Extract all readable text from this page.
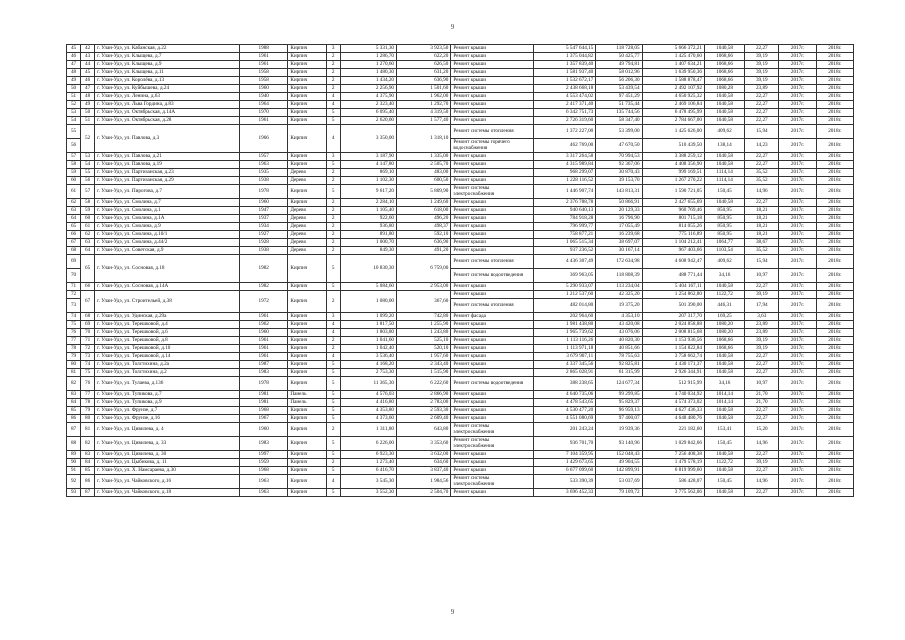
9
45	42	г. Улан-Удэ, ул. Кабанская, д.22	1988	Кирпич	3	5 331,30	3 923,50	Ремонт крыши	5 547 644,15	118 728,05	5 666 372,21	1040,58	22,27	2017г.	2018г.
46	43	г. Улан-Удэ, ул. Клыщева, д.7	1961	Кирпич	2	1 286,70	622,20	Ремонт крыши	1 375 044,82	50 425,77	1 425 470,60	1068,66	39,19	2017г.	2018г.
47	44	г. Улан-Удэ, ул. Клыщева, д.9	1961	Кирпич	2	1 270,60	626,50	Ремонт крыши	1 357 839,40	49 794,81	1 407 634,21	1068,66	39,19	2017г.	2018г.
48	45	г. Улан-Удэ, ул. Клыщева, д.11	1958	Кирпич	2	1 480,30	631,20	Ремонт крыши	1 581 937,40	58 012,96	1 639 950,36	1068,66	39,19	2017г.	2018г.
49	46	г. Улан-Удэ, ул. Королёва, д.13	1958	Кирпич	2	1 434,20	636,90	Ремонт крыши	1 532 672,17	56 206,30	1 588 878,47	1068,66	39,19	2017г.	2018г.
50	47	г. Улан-Удэ, ул. Куйбышева, д.24	1960	Кирпич	2	2 256,90	1 501,60	Ремонт крыши	2 438 668,18	53 439,54	2 492 107,92	1080,28	23,89	2017г.	2018г.
51	48	г. Улан-Удэ, ул. Ленина, д.63	1940	Кирпич	4	4 375,90	1 962,00	Ремонт крыши	4 553 474,02	97 451,29	4 650 925,32	1040,58	22,27	2017г.	2018г.
52	49	г. Улан-Удэ, ул. Льва Гордина, д.83	1964	Кирпич	4	2 323,40	1 292,70	Ремонт крыши	2 417 371,40	51 735,44	2 469 106,84	1040,58	22,27	2017г.	2018г.
53	50	г. Улан-Удэ, ул. Октябрьская, д.14А	1970	Кирпич	5	6 095,40	4 319,50	Ремонт крыши	6 342 751,73	135 744,56	6 478 495,99	1040,58	22,27	2017г.	2018г.
54	51	г. Улан-Удэ, ул. Октябрьская, д.28	1961	Кирпич	5	2 620,00	1 577,40	Ремонт крыши	2 726 319,60	58 347,40	2 784 667,00	1040,58	22,27	2017г.	2018г.
55	52	г. Улан-Удэ, ул. Павлова, д.3	1966	Кирпич	4	3 350,00	1 318,10	Ремонт системы отопления	1 372 227,00	53 399,00	1 425 626,00	409,62	15,94	2017г.	2018г.
56								Ремонт системы горячего водоснабжения	462 769,00	47 670,50	510 439,50	138,14	14,23	2017г.	2018г.
57	53	г. Улан-Удэ, ул. Павлова, д.21	1957	Кирпич	3	3 187,90	1 335,00	Ремонт крыши	3 317 264,58	70 994,53	3 388 259,12	1040,58	22,27	2017г.	2018г.
58	54	г. Улан-Удэ, ул. Павлова, д.19	1963	Кирпич	5	4 147,80	2 505,70	Ремонт крыши	4 315 989,84	92 367,06	4 408 356,90	1040,58	22,27	2017г.	2018г.
59	55	г. Улан-Удэ, ул. Партизанская, д.23	1935	Дерево	2	869,10	483,00	Ремонт крыши	968 299,07	30 870,43	999 169,51	1114,14	35,52	2017г.	2018г.
60	56	г. Улан-Удэ, ул. Партизанская, д.29	1938	Дерево	2	1 102,30	600,50	Ремонт крыши	1 228 116,52	39 153,70	1 267 270,22	1114,14	35,52	2017г.	2018г.
61	57	г. Улан-Удэ, ул. Пирогова, д.7	1978	Кирпич	5	9 617,20	5 809,90	Ремонт системы электроснабжения	1 446 907,74	143 813,31	1 590 721,05	150,45	14,96	2017г.	2018г.
62	58	г. Улан-Удэ, ул. Смолина, д.7	1960	Кирпич	2	2 284,10	1 249,60	Ремонт крыши	2 376 788,78	50 866,91	2 427 655,69	1040,58	22,27	2017г.	2018г.
63	59	г. Улан-Удэ, ул. Смолина, д.1	1947	Дерево	2	1 105,40	618,00	Ремонт крыши	940 640,13	20 129,33	960 769,46	850,95	18,21	2017г.	2018г.
64	60	г. Улан-Удэ, ул. Смолина, д.1А	1937	Дерево	2	922,60	496,20	Ремонт крыши	784 918,28	16 796,90	801 715,18	850,95	18,21	2017г.	2018г.
65	61	г. Улан-Удэ, ул. Смолина, д.9	1934	Дерево	2	936,80	498,37	Ремонт крыши	796 999,77	17 055,49	814 055,26	850,95	18,21	2017г.	2018г.
66	62	г. Улан-Удэ, ул. Смолина, д.10/1	1927	Дерево	2	891,80	592,10	Ремонт крыши	758 877,21	16 239,68	775 116,89	850,95	18,21	2017г.	2018г.
67	63	г. Улан-Удэ, ул. Смолина, д.44/2	1928	Дерево	2	1 000,70	636,90	Ремонт крыши	1 065 515,34	38 697,07	1 104 212,41	1064,77	38,67	2017г.	2018г.
68	64	г. Улан-Удэ, ул. Советская, д.9	1938	Дерево	2	849,30	491,20	Ремонт крыши	937 236,52	30 167,14	967 403,66	1103,54	35,52	2017г.	2018г.
69	65	г. Улан-Удэ, ул. Сосновая, д.18	1982	Кирпич	5	10 830,30	6 759,00	Ремонт системы отопления	4 436 307,49	172 634,98	4 608 942,47	409,62	15,94	2017г.	2018г.
70								Ремонт системы водоотведения	369 963,05	118 808,39	488 771,44	34,16	10,97	2017г.	2018г.
71	66	г. Улан-Удэ, ул. Сосновая, д.14А	1982	Кирпич	5	5 084,60	2 953,00	Ремонт крыши	5 290 933,07	113 234,04	5 404 167,11	1040,58	22,27	2017г.	2018г.
72	67	г. Улан-Удэ, ул. Строительей, д.38	1972	Кирпич	2	1 080,00	367,60	Ремонт крыши	1 212 537,60	42 325,20	1 254 862,80	1122,72	39,19	2017г.	2018г.
73								Ремонт системы отопления	482 014,80	19 375,20	501 390,00	446,31	17,94	2017г.	2018г.
74	68	г. Улан-Удэ, ул. Удинская, д.29а	1961	Кирпич	3	1 099,20	742,80	Ремонт фасада	202 964,60	4 353,10	207 317,70	169,25	3,63	2017г.	2018г.
75	69	г. Улан-Удэ, ул. Терешковой, д.4	1962	Кирпич	4	1 817,50	1 255,90	Ремонт крыши	1 981 438,80	43 420,08	2 024 858,88	1080,20	23,89	2017г.	2018г.
76	70	г. Улан-Удэ, ул. Терешковой, д.6	1960	Кирпич	4	1 803,80	1 243,80	Ремонт крыши	1 965 739,62	43 076,06	2 008 815,68	1080,20	23,89	2017г.	2018г.
77	71	г. Улан-Удэ, ул. Терешковой, д.8	1961	Кирпич	2	1 041,60	525,10	Ремонт крыши	1 113 116,26	40 820,30	1 153 936,56	1068,66	39,19	2017г.	2018г.
78	72	г. Улан-Удэ, ул. Терешковой, д.10	1961	Кирпич	2	1 042,40	520,10	Ремонт крыши	1 113 971,18	40 851,66	1 154 822,84	1068,66	39,19	2017г.	2018г.
79	73	г. Улан-Удэ, ул. Терешковой, д.14	1961	Кирпич	4	3 536,40	1 957,60	Ремонт крыши	3 679 907,11	78 755,63	3 758 662,74	1040,58	22,27	2017г.	2018г.
80	74	г. Улан-Удэ, ул. Толстихина, д.2а	1987	Кирпич	5	4 168,20	2 343,40	Ремонт крыши	4 337 345,56	92 825,81	4 430 171,37	1040,58	22,27	2017г.	2018г.
81	75	г. Улан-Удэ, ул. Толстихина, д.2	1983	Кирпич	5	2 753,30	1 515,90	Ремонт крыши	2 865 028,91	61 315,99	2 926 344,91	1040,58	22,27	2017г.	2018г.
82	76	г. Улан-Удэ, ул. Тулаева, д.136	1978	Кирпич	5	11 365,30	6 222,60	Ремонт системы водоотведения	388 238,65	124 677,34	512 915,99	34,16	10,97	2017г.	2018г.
83	77	г. Улан-Удэ, ул. Тупикова, д.7	1981	Панель	5	4 576,03	2 866,90	Ремонт крыши	4 640 735,06	99 299,85	4 740 034,92	1014,14	21,70	2017г.	2018г.
84	78	г. Улан-Удэ, ул. Тупикова, д.9	1981	Панель	5	4 416,80	2 783,00	Ремонт крыши	4 478 543,65	95 829,37	4 574 373,02	1014,14	21,70	2017г.	2018г.
85	79	г. Улан-Удэ, ул. Фрунзе, д.7	1968	Кирпич	5	4 353,80	2 593,30	Ремонт крыши	4 530 477,20	96 959,13	4 627 436,33	1040,58	22,27	2017г.	2018г.
86	80	г. Улан-Удэ, ул. Фрунзе, д.16	1967	Кирпич	5	4 373,60	2 609,40	Ремонт крыши	4 551 080,69	97 400,07	4 648 480,76	1040,58	22,27	2017г.	2018г.
87	81	г. Улан-Удэ, ул. Цивилева, д. 4	1960	Кирпич	2	1 311,80	643,80	Ремонт системы электроснабжения	201 243,24	19 939,36	221 182,60	153,41	15,20	2017г.	2018г.
88	82	г. Улан-Удэ, ул. Цивилева, д. 33	1983	Кирпич	5	6 226,00	3 353,60	Ремонт системы электроснабжения	936 701,70	93 140,96	1 029 842,66	150,45	14,96	2017г.	2018г.
89	83	г. Улан-Удэ, ул. Цивилева, д. 30	1997	Кирпич	5	6 923,30	3 632,00	Ремонт крыши	7 104 359,95	152 048,43	7 256 408,38	1040,58	22,27	2017г.	2018г.
90	84	г. Улан-Удэ, ул. Цыбикова, д. 11	1959	Кирпич	2	1 273,40	634,60	Ремонт крыши	1 429 673,65	49 904,55	1 479 578,19	1122,72	39,19	2017г.	2018г.
91	85	г. Улан-Удэ, ул. Х. Намсараева, д.30	1968	Кирпич	5	6 416,70	3 837,40	Ремонт крыши	6 677 099,60	142 899,91	6 819 999,60	1040,58	22,27	2017г.	2018г.
92	86	г. Улан-Удэ, ул. Чайковского, д.16	1963	Кирпич	4	3 545,30	1 984,56	Ремонт системы электроснабжения	533 390,39	53 037,69	586 428,07	150,45	14,96	2017г.	2018г.
93	87	г. Улан-Удэ, ул. Чайковского, д.18	1963	Кирпич	5	3 552,30	2 504,70	Ремонт крыши	3 696 452,33	79 109,72	3 775 562,06	1040,58	22,27	2017г.	2018г.
9
